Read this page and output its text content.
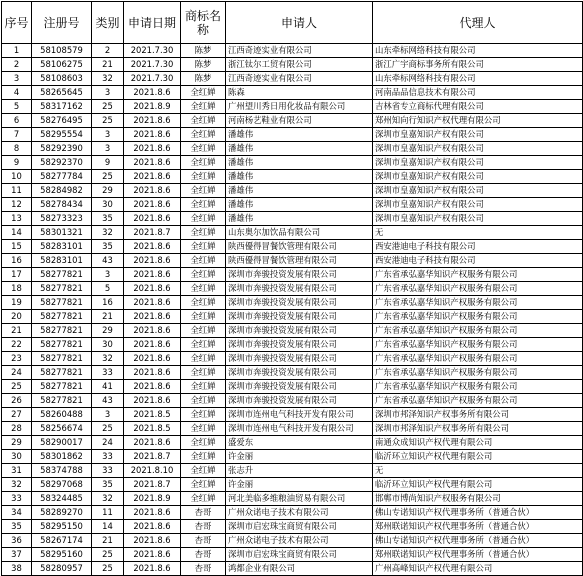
序号	注册号	类别	申请日期	商标名称	申请人	代理人
1	58108579	2	2021.7.30	陈梦	江西奇迹实业有限公司	山东牵标网络科技有限公司
2	58106275	21	2021.7.30	陈梦	浙江钛尔工贸有限公司	浙江广宇商标事务所有限公司
3	58108603	32	2021.7.30	陈梦	江西奇迹实业有限公司	山东牵标网络科技有限公司
4	58265645	3	2021.8.6	全红婵	陈森	河南品品信息技术有限公司
5	58317162	25	2021.8.9	全红婵	广州望川秀日用化妆品有限公司	吉林省专立商标代理有限公司
6	58276495	25	2021.8.6	全红婵	河南杨艺鞋业有限公司	郑州知向行知识产权代理有限公司
7	58295554	3	2021.8.6	全红婵	潘雄伟	深圳市皇嘉知识产权有限公司
8	58292390	3	2021.8.6	全红婵	潘雄伟	深圳市皇嘉知识产权有限公司
9	58292370	9	2021.8.6	全红婵	潘雄伟	深圳市皇嘉知识产权有限公司
10	58277784	25	2021.8.6	全红婵	潘雄伟	深圳市皇嘉知识产权有限公司
11	58284982	29	2021.8.6	全红婵	潘雄伟	深圳市皇嘉知识产权有限公司
12	58278434	30	2021.8.6	全红婵	潘雄伟	深圳市皇嘉知识产权有限公司
13	58273323	35	2021.8.6	全红婵	潘雄伟	深圳市皇嘉知识产权有限公司
14	58301321	32	2021.8.7	全红婵	山东奥尔加饮品有限公司	无
15	58283101	35	2021.8.6	全红婵	陕西優得冒餐饮管理有限公司	西安港迪电子科技有限公司
16	58283101	43	2021.8.6	全红婵	陕西優得冒餐饮管理有限公司	西安港迪电子科技有限公司
17	58277821	3	2021.8.6	全红婵	深圳市奔骏投资发展有限公司	广东省承弘嘉华知识产权服务有限公司
18	58277821	5	2021.8.6	全红婵	深圳市奔骏投资发展有限公司	广东省承弘嘉华知识产权服务有限公司
19	58277821	16	2021.8.6	全红婵	深圳市奔骏投资发展有限公司	广东省承弘嘉华知识产权服务有限公司
20	58277821	21	2021.8.6	全红婵	深圳市奔骏投资发展有限公司	广东省承弘嘉华知识产权服务有限公司
21	58277821	29	2021.8.6	全红婵	深圳市奔骏投资发展有限公司	广东省承弘嘉华知识产权服务有限公司
22	58277821	30	2021.8.6	全红婵	深圳市奔骏投资发展有限公司	广东省承弘嘉华知识产权服务有限公司
23	58277821	32	2021.8.6	全红婵	深圳市奔骏投资发展有限公司	广东省承弘嘉华知识产权服务有限公司
24	58277821	33	2021.8.6	全红婵	深圳市奔骏投资发展有限公司	广东省承弘嘉华知识产权服务有限公司
25	58277821	41	2021.8.6	全红婵	深圳市奔骏投资发展有限公司	广东省承弘嘉华知识产权服务有限公司
26	58277821	43	2021.8.6	全红婵	深圳市奔骏投资发展有限公司	广东省承弘嘉华知识产权服务有限公司
27	58260488	3	2021.8.5	全红婵	深圳市连州电气科技开发有限公司	深圳市邦泽知识产权事务所有限公司
28	58256674	25	2021.8.5	全红婵	深圳市连州电气科技开发有限公司	深圳市邦泽知识产权事务所有限公司
29	58290017	24	2021.8.6	全红婵	盛爱东	南通众成知识产权代理有限公司
30	58301862	33	2021.8.7	全红婵	许金丽	临沂环立知识产权代理有限公司
31	58374788	33	2021.8.10	全红婵	张志升	无
32	58297068	35	2021.8.7	全红婵	许金丽	临沂环立知识产权代理有限公司
33	58324485	32	2021.8.9	全红婵	河北美临多维粮油贸易有限公司	邯郸市博尚知识产权服务有限公司
34	58289270	11	2021.8.6	杏哥	广州众诺电子技术有限公司	佛山专诺知识产权代理事务所（普通合伙）
35	58295150	14	2021.8.6	杏哥	深圳市启宏珠宝商贸有限公司	郑州联诺知识产权代理事务所（普通合伙）
36	58267174	21	2021.8.6	杏哥	广州众诺电子技术有限公司	佛山专诺知识产权代理事务所（普通合伙）
37	58295160	25	2021.8.6	杏哥	深圳市启宏珠宝商贸有限公司	郑州联诺知识产权代理事务所（普通合伙）
38	58280957	25	2021.8.6	杏哥	鸿都企业有限公司	广州高峰知识产权代理有限公司
